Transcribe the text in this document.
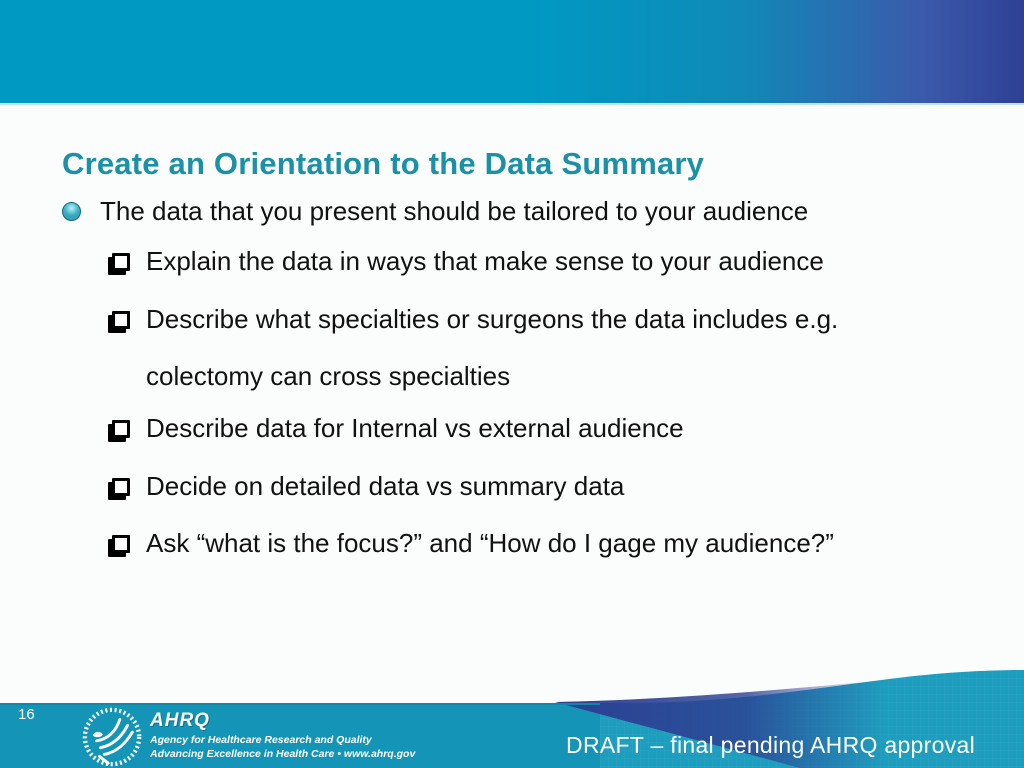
Create an Orientation to the Data Summary
The data that you present should be tailored to your audience
Explain the data in ways that make sense to your audience
Describe what specialties or surgeons the data includes e.g. colectomy can cross specialties
Describe data for Internal vs external audience
Decide on detailed data vs summary data
Ask “what is the focus?” and “How do I gage my audience?”
16	AHRQ
Agency for Healthcare Research and Quality
Advancing Excellence in Health Care • www.ahrq.gov	DRAFT – final pending AHRQ approval
